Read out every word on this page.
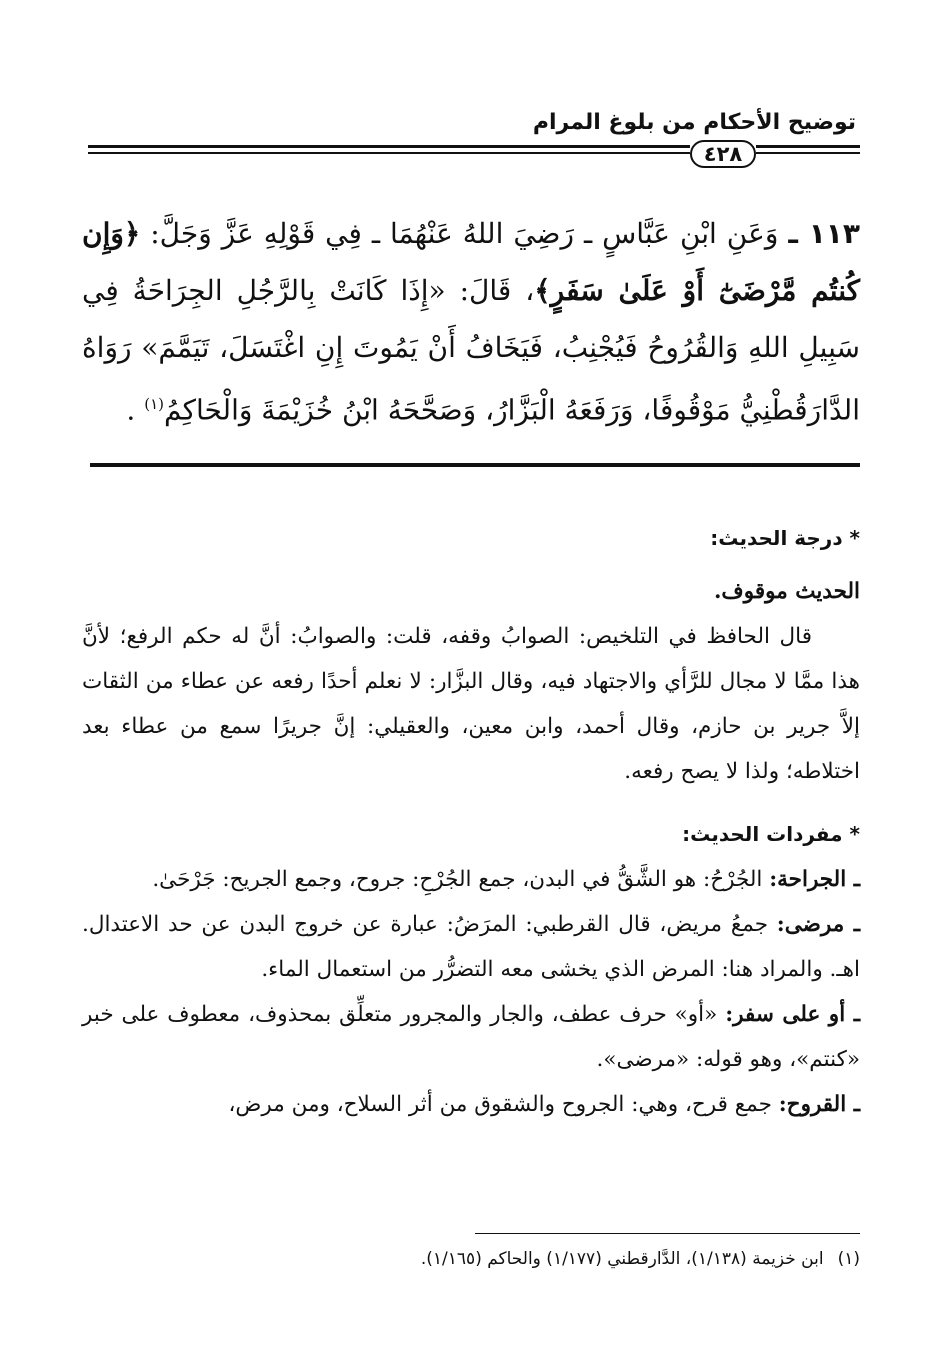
توضيح الأحكام من بلوغ المرام
٤٢٨
١١٣ ـ وَعَنِ ابْنِ عَبَّاسٍ ـ رَضِيَ اللهُ عَنْهُمَا ـ فِي قَوْلِهِ عَزَّ وَجَلَّ: ﴿وَإِن كُنتُم مَّرْضَىٰٓ أَوْ عَلَىٰ سَفَرٍ﴾، قَالَ: «إِذَا كَانَتْ بِالرَّجُلِ الجِرَاحَةُ فِي سَبِيلِ اللهِ وَالقُرُوحُ فَيُجْنِبُ، فَيَخَافُ أَنْ يَمُوتَ إِنِ اغْتَسَلَ، تَيَمَّمَ» رَوَاهُ الدَّارَقُطْنِيُّ مَوْقُوفًا، وَرَفَعَهُ الْبَزَّارُ، وَصَحَّحَهُ ابْنُ خُزَيْمَةَ وَالْحَاكِمُ$^{(١)}$ .
* درجة الحديث:
الحديث موقوف.
قال الحافظ في التلخيص: الصوابُ وقفه، قلت: والصوابُ: أنَّ له حكم الرفع؛ لأنَّ هذا ممَّا لا مجال للرَّأي والاجتهاد فيه، وقال البزَّار: لا نعلم أحدًا رفعه عن عطاء من الثقات إلاَّ جرير بن حازم، وقال أحمد، وابن معين، والعقيلي: إنَّ جريرًا سمع من عطاء بعد اختلاطه؛ ولذا لا يصح رفعه.
* مفردات الحديث:
ـ الجراحة: الجُرْحُ: هو الشَّقُّ في البدن، جمع الجُرْحِ: جروح، وجمع الجريح: جَرْحَىٰ.
ـ مرضى: جمعُ مريض، قال القرطبي: المرَضُ: عبارة عن خروج البدن عن حد الاعتدال. اهـ. والمراد هنا: المرض الذي يخشى معه التضرُّر من استعمال الماء.
ـ أو على سفر: «أو» حرف عطف، والجار والمجرور متعلِّق بمحذوف، معطوف على خبر «كنتم»، وهو قوله: «مرضى».
ـ القروح: جمع قرح، وهي: الجروح والشقوق من أثر السلاح، ومن مرض،
(١)ابن خزيمة (١/١٣٨)، الدَّارقطني (١/١٧٧) والحاكم (١/١٦٥).
